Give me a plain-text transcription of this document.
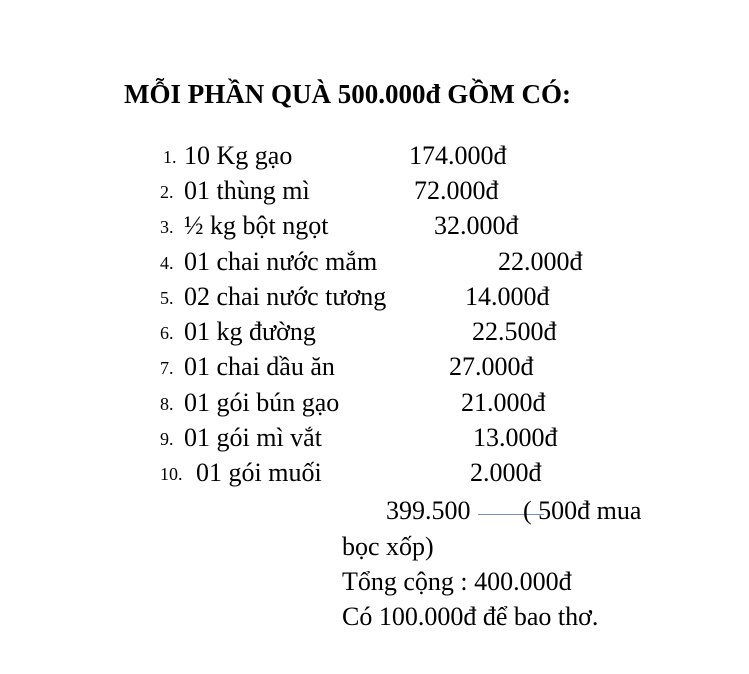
MỖI PHẦN QUÀ 500.000đ GỒM CÓ:
1. 10 Kg gạo	174.000đ
2. 01 thùng mì	72.000đ
3. ½ kg bột ngọt	32.000đ
4. 01 chai nước mắm	22.000đ
5. 02 chai nước tương	14.000đ
6. 01 kg đường	22.500đ
7. 01 chai dầu ăn	27.000đ
8. 01 gói bún gạo	21.000đ
9. 01 gói mì vắt	13.000đ
10. 01 gói muối	2.000đ
399.500 ( 500đ mua
bọc xốp)
Tổng cộng : 400.000đ
Có 100.000đ để bao thơ.
